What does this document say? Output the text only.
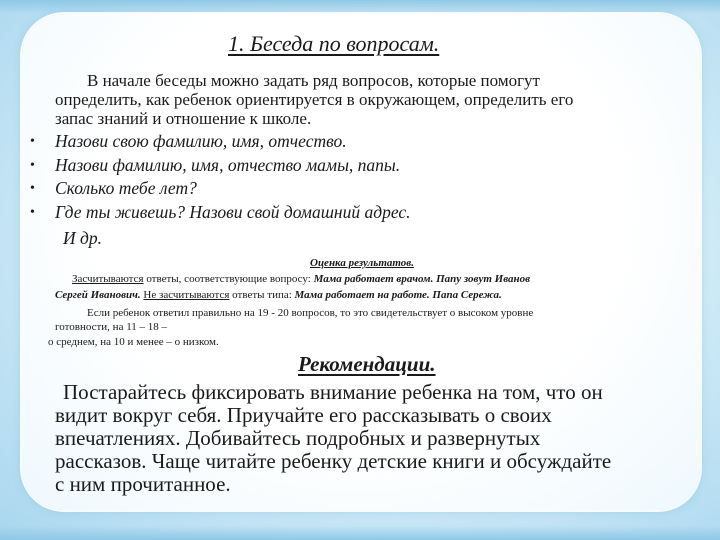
1. Беседа по вопросам.

В начале беседы можно задать ряд вопросов, которые помогут

определить, как ребенок ориентируется в окружающем, определить его

запас знаний и отношение к школе.

• Назови свою фамилию, имя, отчество.
• Назови фамилию, имя, отчество мамы, папы.
• Сколько тебе лет?
• Где ты живешь? Назови свой домашний адрес.

И др.

Оценка результатов.

Засчитываются ответы, соответствующие вопросу: Мама работает врачом. Папу зовут Иванов

Сергей Иванович. Не засчитываются ответы типа: Мама работает на работе. Папа Сережа.

Если ребенок ответил правильно на 19 - 20 вопросов, то это свидетельствует о высоком уровне

готовности, на 11 – 18 –

о среднем, на 10 и менее – о низком.

Рекомендации.

Постарайтесь фиксировать внимание ребенка на том, что он

видит вокруг себя. Приучайте его рассказывать о своих

впечатлениях. Добивайтесь подробных и развернутых

рассказов. Чаще читайте ребенку детские книги и обсуждайте

с ним прочитанное.
